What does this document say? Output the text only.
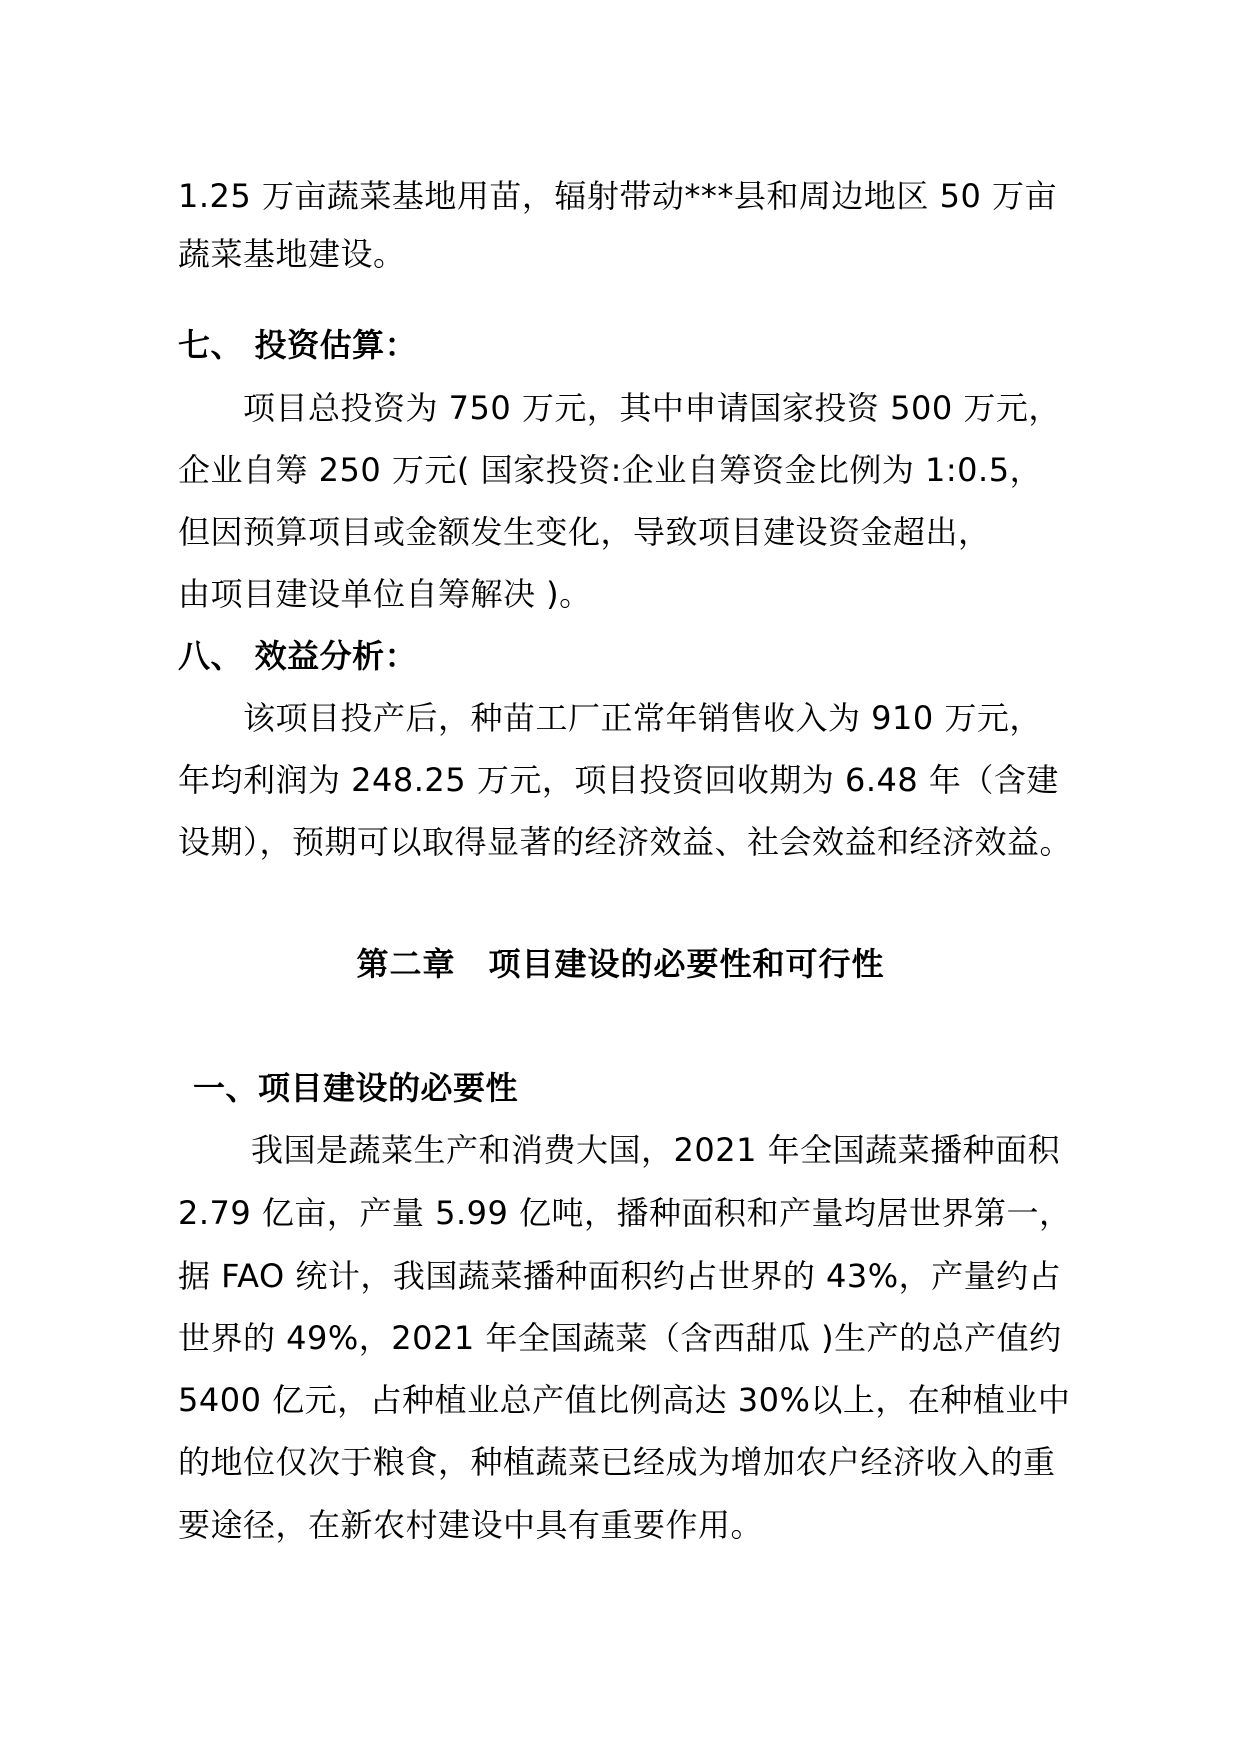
1.25 万亩蔬菜基地用苗，辐射带动***县和周边地区 50 万亩
蔬菜基地建设。
七、 投资估算：
项目总投资为 750 万元，其中申请国家投资 500 万元，
企业自筹 250 万元( 国家投资:企业自筹资金比例为 1:0.5，
但因预算项目或金额发生变化，导致项目建设资金超出，
由项目建设单位自筹解决 )。
八、 效益分析：
该项目投产后，种苗工厂正常年销售收入为 910 万元，
年均利润为 248.25 万元，项目投资回收期为 6.48 年（含建
设期），预期可以取得显著的经济效益、社会效益和经济效益。
第二章　项目建设的必要性和可行性
一、项目建设的必要性
我国是蔬菜生产和消费大国，2021 年全国蔬菜播种面积
2.79 亿亩，产量 5.99 亿吨，播种面积和产量均居世界第一，
据 FAO 统计，我国蔬菜播种面积约占世界的 43%，产量约占
世界的 49%，2021 年全国蔬菜（含西甜瓜 )生产的总产值约
5400 亿元，占种植业总产值比例高达 30%以上，在种植业中
的地位仅次于粮食，种植蔬菜已经成为增加农户经济收入的重
要途径，在新农村建设中具有重要作用。
